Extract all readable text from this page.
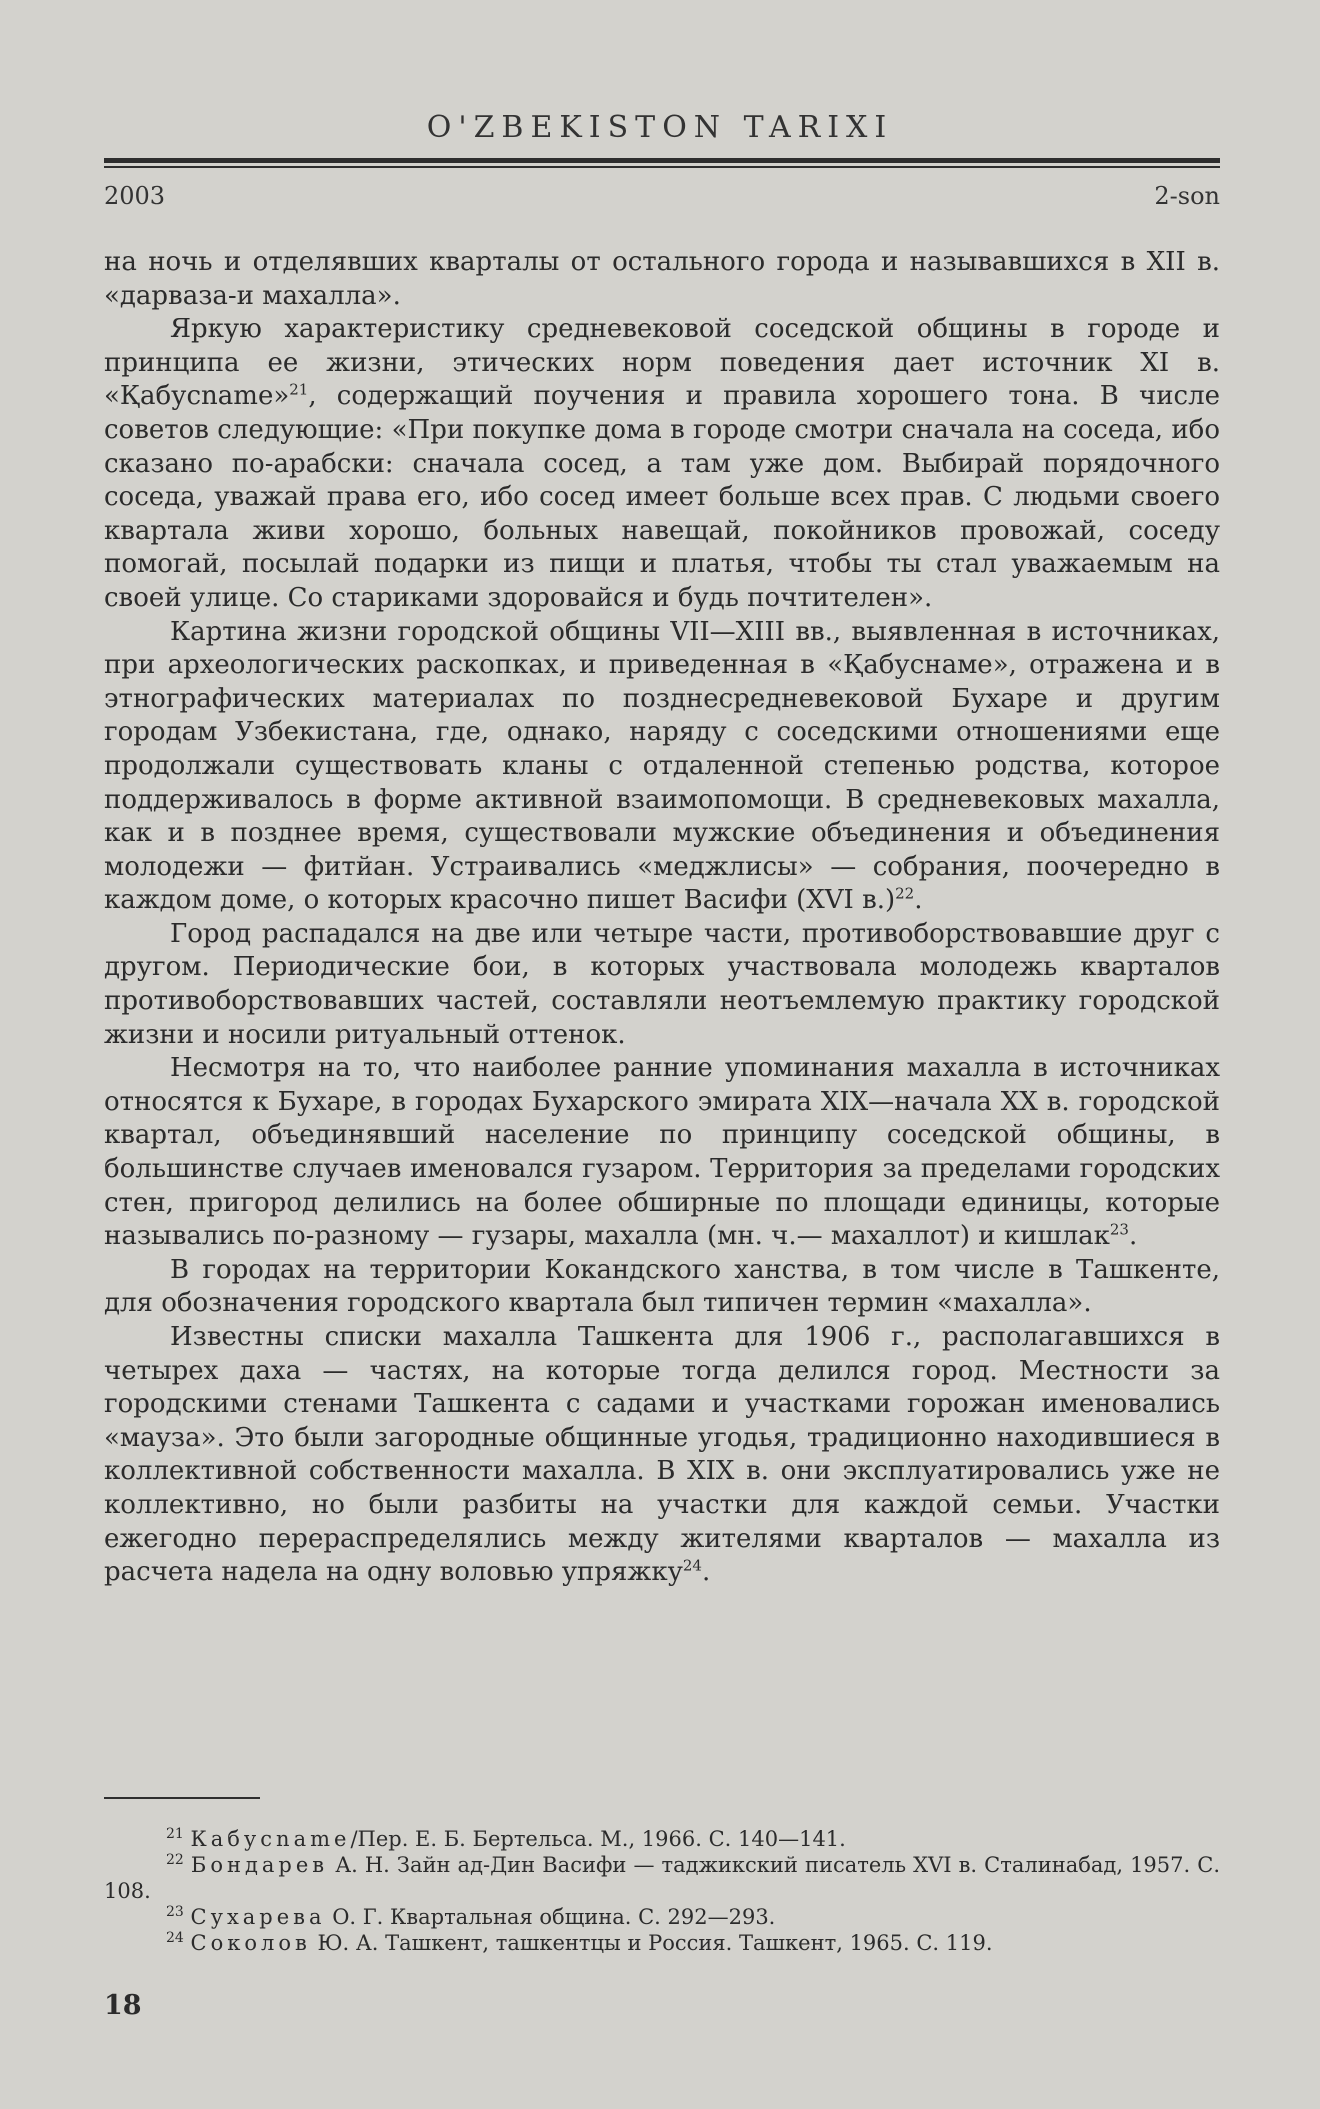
O'ZBEKISTON TARIXI
2003	2-son

на ночь и отделявших кварталы от остального города и называвшихся в XII в. «дарваза-и махалла».

Яркую характеристику средневековой соседской общины в городе и принципа ее жизни, этических норм поведения дает источник XI в. «Қабусname»$^{21}$, содержащий поучения и правила хорошего тона. В числе советов следующие: «При покупке дома в городе смотри сначала на соседа, ибо сказано по-арабски: сначала сосед, а там уже дом. Выбирай порядочного соседа, уважай права его, ибо сосед имеет больше всех прав. С людьми своего квартала живи хорошо, больных навещай, покойников провожай, соседу помогай, посылай подарки из пищи и платья, чтобы ты стал уважаемым на своей улице. Со стариками здоровайся и будь почтителен».

Картина жизни городской общины VII—XIII вв., выявленная в источниках, при археологических раскопках, и приведенная в «Қабуснаме», отражена и в этнографических материалах по позднесредневековой Бухаре и другим городам Узбекистана, где, однако, наряду с соседскими отношениями еще продолжали существовать кланы с отдаленной степенью родства, которое поддерживалось в форме активной взаимопомощи. В средневековых махалла, как и в позднее время, существовали мужские объединения и объединения молодежи — фитйан. Устраивались «меджлисы» — собрания, поочередно в каждом доме, о которых красочно пишет Васифи (XVI в.)$^{22}$.

Город распадался на две или четыре части, противоборствовавшие друг с другом. Периодические бои, в которых участвовала молодежь кварталов противоборствовавших частей, составляли неотъемлемую практику городской жизни и носили ритуальный оттенок.

Несмотря на то, что наиболее ранние упоминания махалла в источниках относятся к Бухаре, в городах Бухарского эмирата XIX—начала XX в. городской квартал, объединявший население по принципу соседской общины, в большинстве случаев именовался гузаром. Территория за пределами городских стен, пригород делились на более обширные по площади единицы, которые назывались по-разному — гузары, махалла (мн. ч.— махаллот) и кишлак$^{23}$.

В городах на территории Кокандского ханства, в том числе в Ташкенте, для обозначения городского квартала был типичен термин «махалла».

Известны списки махалла Ташкента для 1906 г., располагавшихся в четырех даха — частях, на которые тогда делился город. Местности за городскими стенами Ташкента с садами и участками горожан именовались «мауза». Это были загородные общинные угодья, традиционно находившиеся в коллективной собственности махалла. В XIX в. они эксплуатировались уже не коллективно, но были разбиты на участки для каждой семьи. Участки ежегодно перераспределялись между жителями кварталов — махалла из расчета надела на одну воловью упряжку$^{24}$.

$^{21}$ Кабусname/Пер. Е. Б. Бертельса. М., 1966. С. 140—141.

$^{22}$ Бондарев А. Н. Зайн ад-Дин Васифи — таджикский писатель XVI в. Сталинабад, 1957. С. 108.

$^{23}$ Сухарева О. Г. Квартальная община. С. 292—293.

$^{24}$ Соколов Ю. А. Ташкент, ташкентцы и Россия. Ташкент, 1965. С. 119.

18
